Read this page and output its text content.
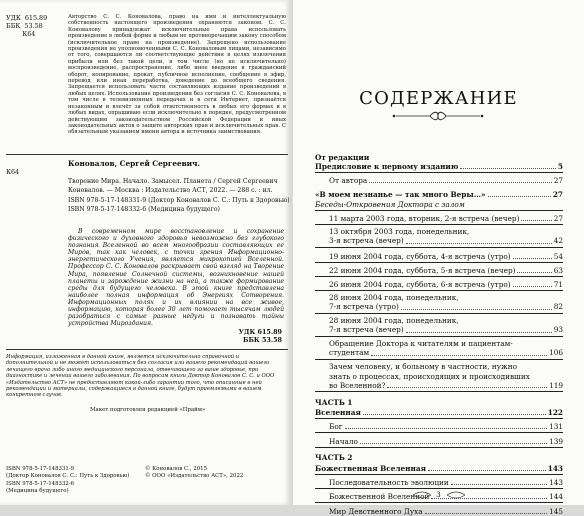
УДК  615.89
ББК  53.58
К64
Авторство С. С. Коновалова, право на имя и интеллектуальную собственность настоящего произведения охраняются законом. С. С. Коновалову принадлежат исключительные права использовать произведение в любой форме и любым не противоречащим закону способом (исключительное право на произведение). Запрещено использование произведения не уполномоченными С. С. Коноваловым лицами, независимо от того, совершаются ли соответствующие действия в целях извлечения прибыли или без такой цели, в том числе (но не исключительно) воспроизведение, распространение, либо иное введение в гражданский оборот, копирование, прокат, публичное исполнение, сообщение в эфир, перевод или иная переработка, доведение до всеобщего сведения. Запрещается использовать части составляющих издание произведений в любых целях. Использование произведения без согласия С. С. Коновалова, в том числе в телевизионных передачах и в сети Интернет, признаётся незаконным и влечёт за собой ответственность в любых его формах и в любых видах, опрашиваю если исключительно в порядке, предусмотренном действующим законодательством Российской Федерации и иных законодательных актов о защите авторских прав и исключительных прав. С обязательным указанием имени автора и источника заимствования.
Коновалов, Сергей Сергеевич.
К64
Творение Мира. Начало. Замысел. Планета / Сергей Сергеевич
Коновалов. — Москва : Издательство АСТ, 2022. — 288 с. : ил.
ISBN 978-5-17-148331-9 (Доктор Коновалов С. С.: Путь к Здоровью)
ISBN 978-5-17-148332-6 (Медицина будущего)
В современном мире восстановление и сохранение физического и духовного здоровья невозможно без глубокого познания Вселенной во всем многообразии составляющих ее Миров, так как человек, с точки зрения Информационно-энергетического Учения, является микрокопией Вселенной. Профессор С. С. Коновалов раскрывает свой взгляд на Творение Мира, появление Солнечной системы, возникновение нашей планеты и зарождение жизни на ней, а также формирование среды для будущего человека. В этой книге представлена наиболее полная информация об Энергиях Сотворения. Информационных полях и их влиянии на все живое, информацию, которая более 30 лет помогает тысячам людей разобраться с самые разные недуги и познавать тайны устройства Мироздания.
УДК 615.89
ББК 53.58
Информация, изложенная в данной книге, является исключительно справочной и дополнительной и не может использоваться без согласия или вашего рекомендаций вашего лечащего врача либо иного медицинского персонала, отвечающего за ваше здоровье, при диагностике и лечении вашего заболевания. По вопросам книги Доктор Коновалов С. С. и ООО «Издательство АСТ» не предоставляют какой-либо гарантии того, что описанные в ней рекомендации и материалы, содержащиеся в данной книге, будут приемлемыми в вашем конкретном случае.
Макет подготовлен редакцией «Прайм»
ISBN 978-5-17-148331-9
(Доктор Коновалов С. С.: Путь к Здоровью)
ISBN 978-5-17-148332-6
(Медицина будущего)
© Коновалов С., 2015
© ООО «Издательство АСТ», 2022
СОДЕРЖАНИЕ
От редакции
Предисловие к первому изданию	5
От автора	27
«В моем незнанье — так много Веры…»	27
Беседы-Откровения Доктора с залом
11 марта 2003 года, вторник, 2-я встреча (вечер)	27
13 октября 2003 года, понедельник,
3-я встреча (вечер)	42
19 июня 2004 года, суббота, 4-я встреча (утро)	54
22 июня 2004 года, суббота, 5-я встреча (вечер)	63
26 июня 2004 года, суббота, 6-я встреча (утро)	71
28 июня 2004 года, понедельник,
7-я встреча (утро)	82
28 июня 2004 года, понедельник,
7-я встреча (вечер)	93
Обращение Доктора к читателям и пациентам-
студентам	106
Зачем человеку, и больному в частности, нужно
знать о процессах, происходящих и происходивших
во Вселенной?	119
ЧАСТЬ 1
Вселенная	122
Бог	131
Начало	139
ЧАСТЬ 2
Божественная Вселенная	143
Последовательность эволюции	143
Божественной Вселенной	144
Мир Девственного Духа	145
3
